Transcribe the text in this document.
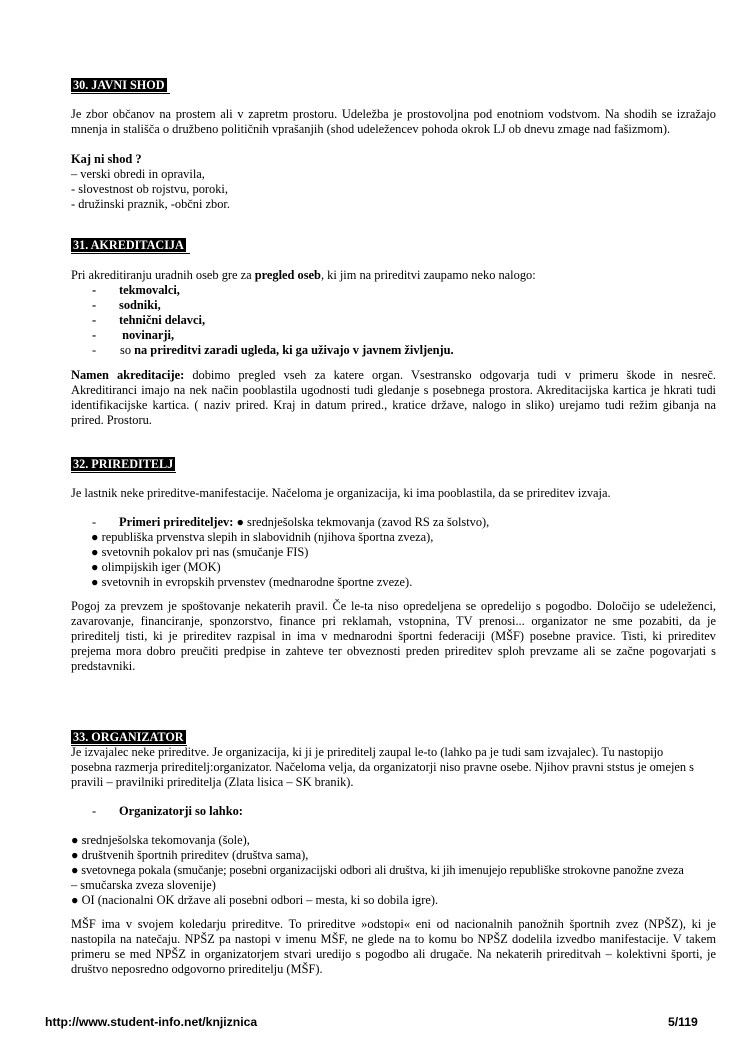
30. JAVNI SHOD

Je zbor občanov na prostem ali v zapretm prostoru. Udeležba je prostovoljna pod enotniom vodstvom. Na shodih se izražajo

mnenja in stališča o družbeno političnih vprašanjih (shod udeležencev pohoda okrok LJ ob dnevu zmage nad fašizmom).

Kaj ni shod ?

– verski obredi in opravila,

- slovestnost ob rojstvu, poroki,

- družinski praznik, -občni zbor.

31. AKREDITACIJA

Pri akreditiranju uradnih oseb gre za pregled oseb, ki jim na prireditvi zaupamo neko nalogo:

- tekmovalci,

- sodniki,

- tehnični delavci,

- novinarji,

- so na prireditvi zaradi ugleda, ki ga uživajo v javnem življenju.

Namen akreditacije: dobimo pregled vseh za katere organ. Vsestransko odgovarja tudi v primeru škode in nesreč.

Akreditiranci imajo na nek način pooblastila ugodnosti tudi gledanje s posebnega prostora. Akreditacijska kartica je hkrati tudi

identifikacijske kartica. ( naziv prired. Kraj in datum prired., kratice države, nalogo in sliko) urejamo tudi režim gibanja na

prired. Prostoru.

32. PRIREDITELJ

Je lastnik neke prireditve-manifestacije. Načeloma je organizacija, ki ima pooblastila, da se prireditev izvaja.

- Primeri prirediteljev: ● srednješolska tekmovanja (zavod RS za šolstvo),

● republiška prvenstva slepih in slabovidnih (njihova športna zveza),

● svetovnih pokalov pri nas (smučanje FIS)

● olimpijskih iger (MOK)

● svetovnih in evropskih prvenstev (mednarodne športne zveze).

Pogoj za prevzem je spoštovanje nekaterih pravil. Če le-ta niso opredeljena se opredelijo s pogodbo. Določijo se udeleženci,

zavarovanje, financiranje, sponzorstvo, finance pri reklamah, vstopnina, TV prenosi... organizator ne sme pozabiti, da je

prireditelj tisti, ki je prireditev razpisal in ima v mednarodni športni federaciji (MŠF) posebne pravice. Tisti, ki prireditev

prejema mora dobro preučiti predpise in zahteve ter obveznosti preden prireditev sploh prevzame ali se začne pogovarjati s

predstavniki.

33. ORGANIZATOR

Je izvajalec neke prireditve. Je organizacija, ki ji je prireditelj zaupal le-to (lahko pa je tudi sam izvajalec). Tu nastopijo

posebna razmerja prireditelj:organizator. Načeloma velja, da organizatorji niso pravne osebe. Njihov pravni ststus je omejen s

pravili – pravilniki prireditelja (Zlata lisica – SK branik).

- Organizatorji so lahko:

● srednješolska tekomovanja (šole),

● društvenih športnih prireditev (društva sama),

● svetovnega pokala (smučanje; posebni organizacijski odbori ali društva, ki jih imenujejo republiške strokovne panožne zveza

– smučarska zveza slovenije)

● OI (nacionalni OK države ali posebni odbori – mesta, ki so dobila igre).

MŠF ima v svojem koledarju prireditve. To prireditve »odstopi« eni od nacionalnih panožnih športnih zvez (NPŠZ), ki je

nastopila na natečaju. NPŠZ pa nastopi v imenu MŠF, ne glede na to komu bo NPŠZ dodelila izvedbo manifestacije. V takem

primeru se med NPŠZ in organizatorjem stvari uredijo s pogodbo ali drugače. Na nekaterih prireditvah – kolektivni športi, je

društvo neposredno odgovorno prireditelju (MŠF).

http://www.student-info.net/knjiznica	5/119
